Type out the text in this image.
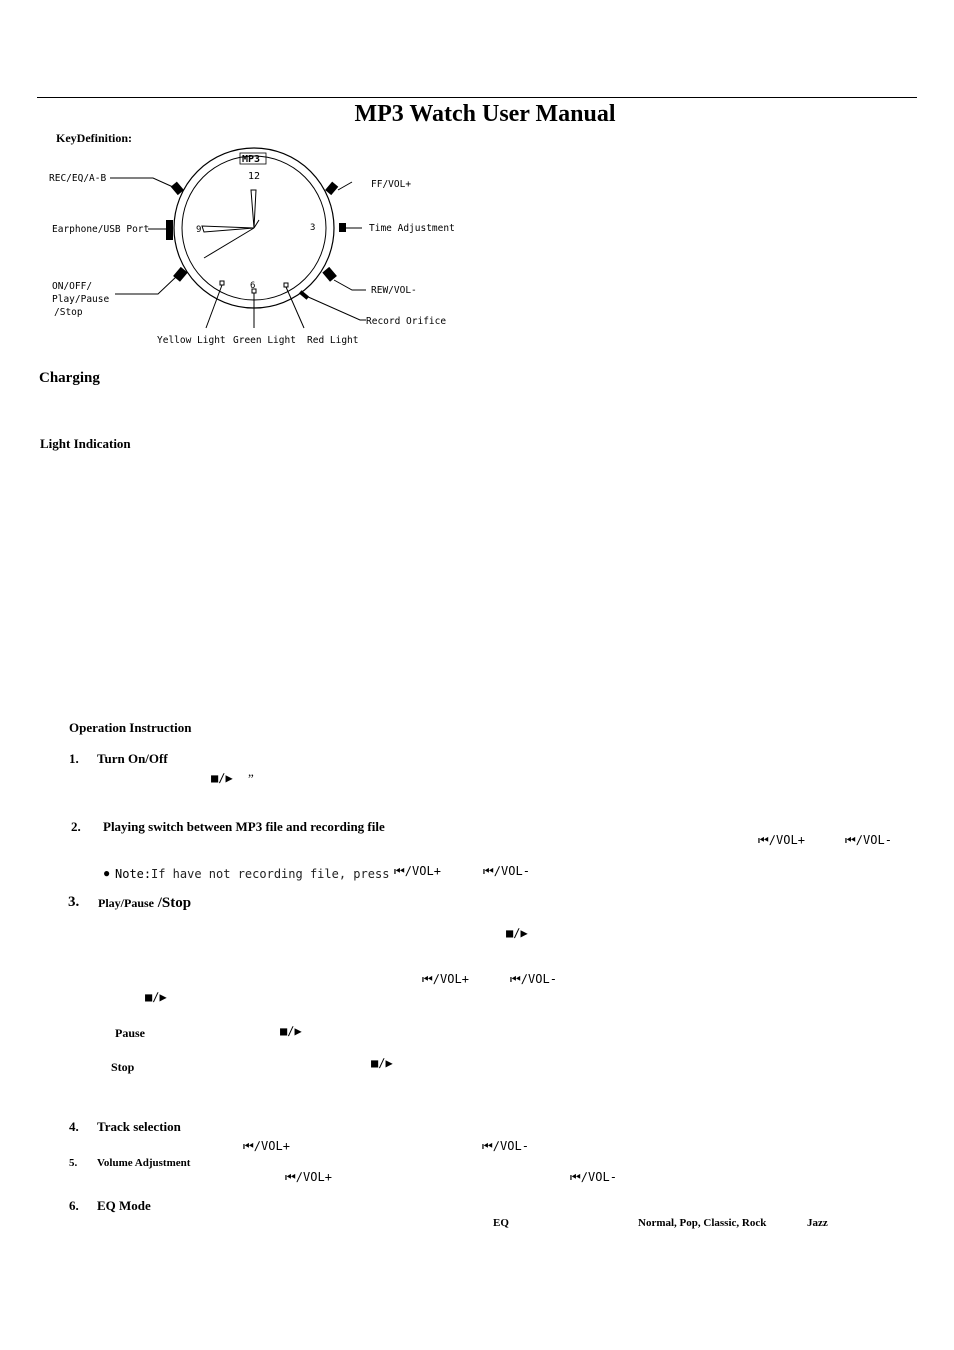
MP3 Watch User Manual
KeyDefinition:
MP3
12
3
6
9
REC/EQ/A-B
Earphone/USB Port
ON/OFF/
Play/Pause
/Stop
FF/VOL+
Time Adjustment
REW/VOL-
Record Orifice
Yellow Light Green Light Red Light
Charging
Light Indication
Operation Instruction
1. Turn On/Off
■∕▶ ”
2. Playing switch between MP3 file and recording file
⏮∕VOL+	⏮∕VOL-
● Note: If have not recording file, press ⏮∕VOL+	⏮∕VOL-
3. Play/Pause /Stop
■∕▶
⏮∕VOL+	⏮∕VOL-
■∕▶
Pause	■∕▶
Stop	■∕▶
4. Track selection
⏮∕VOL+	⏮∕VOL-
5. Volume Adjustment
⏮∕VOL+	⏮∕VOL-
6. EQ Mode
EQ	Normal, Pop, Classic, Rock	Jazz
